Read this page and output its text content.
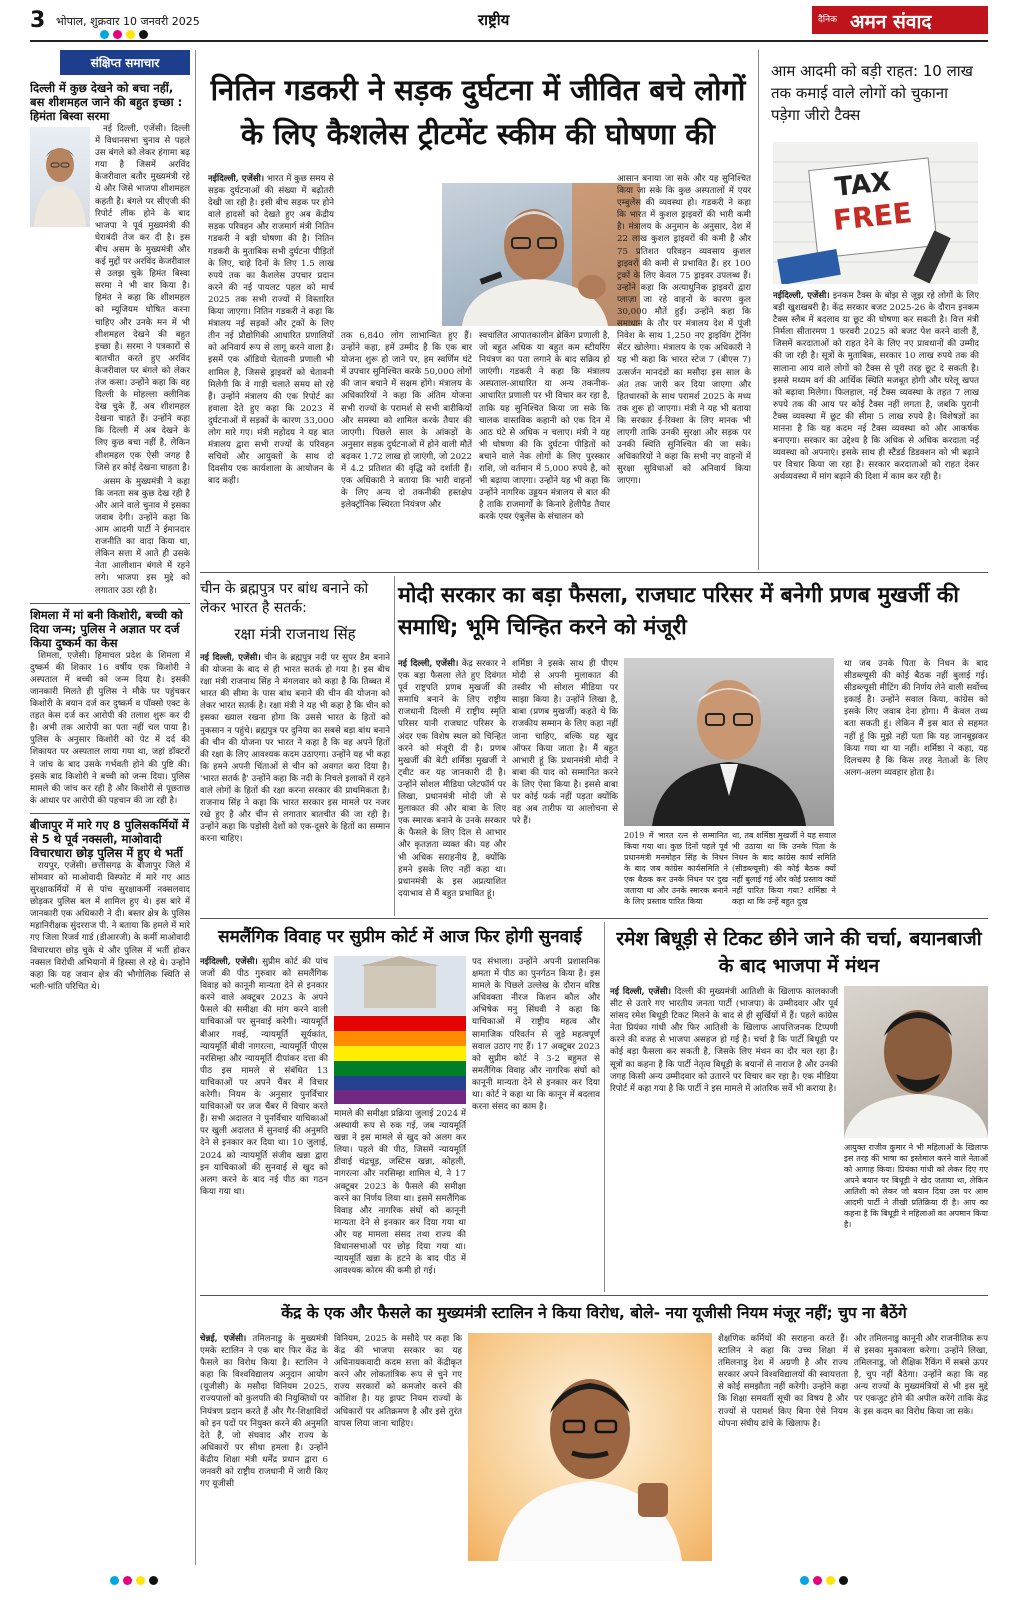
3 भोपाल, शुक्रवार 10 जनवरी 2025	राष्ट्रीय	दैनिक अमन संवाद
संक्षिप्त समाचार
दिल्ली में कुछ देखने को बचा नहीं, बस शीशमहल जाने की बहुत इच्छा : हिमंता बिस्वा सरमा

नई दिल्ली, एजेंसी। दिल्ली में विधानसभा चुनाव से पहले उस बंगले को लेकर हंगामा बढ़ गया है जिसमें अरविंद केजरीवाल बतौर मुख्यमंत्री रहे थे और जिसे भाजपा शीशमहल कहती है। बंगले पर सीएजी की रिपोर्ट लीक होने के बाद भाजपा ने पूर्व मुख्यमंत्री की घेराबंदी तेज कर दी है। इस बीच असम के मुख्यमंत्री और कई मुद्दों पर अरविंद केजरीवाल से उलझ चुके हिमंत बिस्वा सरमा ने भी वार किया है। हिमंत ने कहा कि शीशमहल को म्यूजियम घोषित करना चाहिए और उनके मन में भी शीशमहल देखने की बहुत इच्छा है। सरमा ने पत्रकारों से बातचीत करते हुए अरविंद केजरीवाल पर बंगले को लेकर तंज कसा। उन्होंने कहा कि वह दिल्ली के मोहल्ला क्लीनिक देख चुके हैं, अब शीशमहल देखना चाहते हैं। उन्होंने कहा कि दिल्ली में अब देखने के लिए कुछ बचा नहीं है, लेकिन शीशमहल एक ऐसी जगह है जिसे हर कोई देखना चाहता है।

असम के मुख्यमंत्री ने कहा कि जनता सब कुछ देख रही है और आने वाले चुनाव में इसका जवाब देगी। उन्होंने कहा कि आम आदमी पार्टी ने ईमानदार राजनीति का वादा किया था, लेकिन सत्ता में आते ही उसके नेता आलीशान बंगले में रहने लगे। भाजपा इस मुद्दे को लगातार उठा रही है।

शिमला में मां बनी किशोरी, बच्ची को दिया जन्म; पुलिस ने अज्ञात पर दर्ज किया दुष्कर्म का केस

शिमला, एजेंसी। हिमाचल प्रदेश के शिमला में दुष्कर्म की शिकार 16 वर्षीय एक किशोरी ने अस्पताल में बच्ची को जन्म दिया है। इसकी जानकारी मिलते ही पुलिस ने मौके पर पहुंचकर किशोरी के बयान दर्ज कर दुष्कर्म व पॉक्सो एक्ट के तहत केस दर्ज कर आरोपी की तलाश शुरू कर दी है। अभी तक आरोपी का पता नहीं चल पाया है। पुलिस के अनुसार किशोरी को पेट में दर्द की शिकायत पर अस्पताल लाया गया था, जहां डॉक्टरों ने जांच के बाद उसके गर्भवती होने की पुष्टि की। इसके बाद किशोरी ने बच्ची को जन्म दिया। पुलिस मामले की जांच कर रही है और किशोरी से पूछताछ के आधार पर आरोपी की पहचान की जा रही है।

बीजापुर में मारे गए 8 पुलिसकर्मियों में से 5 थे पूर्व नक्सली, माओवादी विचारधारा छोड़ पुलिस में हुए थे भर्ती

रायपुर, एजेंसी। छत्तीसगढ़ के बीजापुर जिले में सोमवार को माओवादी विस्फोट में मारे गए आठ सुरक्षाकर्मियों में से पांच सुरक्षाकर्मी नक्सलवाद छोड़कर पुलिस बल में शामिल हुए थे। इस बारे में जानकारी एक अधिकारी ने दी। बस्तर क्षेत्र के पुलिस महानिरीक्षक सुंदरराज पी. ने बताया कि हमले में मारे गए जिला रिजर्व गार्ड (डीआरजी) के कर्मी माओवादी विचारधारा छोड़ चुके थे और पुलिस में भर्ती होकर नक्सल विरोधी अभियानों में हिस्सा ले रहे थे। उन्होंने कहा कि यह जवान क्षेत्र की भौगोलिक स्थिति से भली-भांति परिचित थे।

नितिन गडकरी ने सड़क दुर्घटना में जीवित बचे लोगों के लिए कैशलेस ट्रीटमेंट स्कीम की घोषणा की
नईदिल्ली, एजेंसी। भारत में कुछ समय से सड़क दुर्घटनाओं की संख्या में बढ़ोतरी देखी जा रही है। इसी बीच सड़क पर होने वाले हादसों को देखते हुए अब केंद्रीय सड़क परिवहन और राजमार्ग मंत्री नितिन गडकरी ने बड़ी घोषणा की है। नितिन गडकरी के मुताबिक सभी दुर्घटना पीड़ितों के लिए, चाहे दिनों के लिए 1.5 लाख रुपये तक का कैशलेस उपचार प्रदान करने की नई पायलट पहल को मार्च 2025 तक सभी राज्यों में विस्तारित किया जाएगा। नितिन गडकरी ने कहा कि मंत्रालय नई सड़कों और ट्रकों के लिए तीन नई प्रौद्योगिकी आधारित प्रणालियों को अनिवार्य रूप से लागू करने वाला है। इसमें एक ऑडियो चेतावनी प्रणाली भी शामिल है, जिससे ड्राइवरों को चेतावनी मिलेगी कि वे गाड़ी चलाते समय सो रहे हैं। उन्होंने मंत्रालय की एक रिपोर्ट का हवाला देते हुए कहा कि 2023 में दुर्घटनाओं में सड़कों के कारण 33,000 लोग मारे गए। मंत्री महोदय ने यह बात मंत्रालय द्वारा सभी राज्यों के परिवहन सचिवों और आयुक्तों के साथ दो दिवसीय एक कार्यशाला के आयोजन के बाद कही।
तक 6,840 लोग लाभान्वित हुए हैं। उन्होंने कहा, हमें उम्मीद है कि एक बार योजना शुरू हो जाने पर, हम स्वर्णिम घंटे में उपचार सुनिश्चित करके 50,000 लोगों की जान बचाने में सक्षम होंगे। मंत्रालय के अधिकारियों ने कहा कि अंतिम योजना सभी राज्यों के परामर्श से सभी बारीकियों और समस्या को शामिल करके तैयार की जाएगी। पिछले साल के आंकड़ों के अनुसार सड़क दुर्घटनाओं में होने वाली मौतें बढ़कर 1.72 लाख हो जाएंगी, जो 2022 में 4.2 प्रतिशत की वृद्धि को दर्शाती हैं। एक अधिकारी ने बताया कि भारी वाहनों के लिए अन्य दो तकनीकी हस्तक्षेप इलेक्ट्रॉनिक स्थिरता नियंत्रण और
स्वचालित आपातकालीन ब्रेकिंग प्रणाली है, जो बहुत अधिक या बहुत कम स्टीयरिंग नियंत्रण का पता लगाने के बाद सक्रिय हो जाएंगी। गडकरी ने कहा कि मंत्रालय अस्पताल-आधारित या अन्य तकनीक-आधारित प्रणाली पर भी विचार कर रहा है, ताकि यह सुनिश्चित किया जा सके कि चालक वास्तविक कहानी को एक दिन में आठ घंटे से अधिक न चलाए। मंत्री ने यह भी घोषणा की कि दुर्घटना पीड़ितों को बचाने वाले नेक लोगों के लिए पुरस्कार राशि, जो वर्तमान में 5,000 रुपये है, को भी बढ़ाया जाएगा। उन्होंने यह भी कहा कि उन्होंने नागरिक उड्डयन मंत्रालय से बात की है ताकि राजमार्गों के किनारे हेलीपैड तैयार करके एयर एंबुलेंस के संचालन को
आसान बनाया जा सके और यह सुनिश्चित किया जा सके कि कुछ अस्पतालों में एयर एम्बुलेंस की व्यवस्था हो। गडकरी ने कहा कि भारत में कुशल ड्राइवरों की भारी कमी है। मंत्रालय के अनुमान के अनुसार, देश में 22 लाख कुशल ड्राइवरों की कमी है और 75 प्रतिशत परिवहन व्यवसाय कुशल ड्राइवरों की कमी से प्रभावित हैं। हर 100 ट्रकों के लिए केवल 75 ड्राइवर उपलब्ध हैं। उन्होंने कहा कि अत्याधुनिक ड्राइवरों द्वारा प्लाज़ा जा रहे वाहनों के कारण कुल 30,000 मौतें हुईं। उन्होंने कहा कि समाधान के तौर पर मंत्रालय देश में पूंजी निवेश के साथ 1,250 नए ड्राइविंग ट्रेनिंग सेंटर खोलेगा। मंत्रालय के एक अधिकारी ने यह भी कहा कि भारत स्टेज 7 (बीएस 7) उत्सर्जन मानदंडों का मसौदा इस साल के अंत तक जारी कर दिया जाएगा और हितधारकों के साथ परामर्श 2025 के मध्य तक शुरू हो जाएगा। मंत्री ने यह भी बताया कि सरकार ई-रिक्शा के लिए मानक भी लाएगी ताकि उनकी सुरक्षा और सड़क पर उनकी स्थिति सुनिश्चित की जा सके। अधिकारियों ने कहा कि सभी नए वाहनों में सुरक्षा सुविधाओं को अनिवार्य किया जाएगा।
आम आदमी को बड़ी राहत: 10 लाख तक कमाई वाले लोगों को चुकाना पड़ेगा जीरो टैक्स
TAX
FREE
नईदिल्ली, एजेंसी। इनकम टैक्स के बोझ से जूझ रहे लोगों के लिए बड़ी खुशखबरी है। केंद्र सरकार बजट 2025-26 के दौरान इनकम टैक्स स्लैब में बदलाव या छूट की घोषणा कर सकती है। वित्त मंत्री निर्मला सीतारमण 1 फरवरी 2025 को बजट पेश करने वाली हैं, जिसमें करदाताओं को राहत देने के लिए नए प्रावधानों की उम्मीद की जा रही है। सूत्रों के मुताबिक, सरकार 10 लाख रुपये तक की सालाना आय वाले लोगों को टैक्स से पूरी तरह छूट दे सकती है। इससे मध्यम वर्ग की आर्थिक स्थिति मजबूत होगी और घरेलू खपत को बढ़ावा मिलेगा। फिलहाल, नई टैक्स व्यवस्था के तहत 7 लाख रुपये तक की आय पर कोई टैक्स नहीं लगता है, जबकि पुरानी टैक्स व्यवस्था में छूट की सीमा 5 लाख रुपये है। विशेषज्ञों का मानना है कि यह कदम नई टैक्स व्यवस्था को और आकर्षक बनाएगा। सरकार का उद्देश्य है कि अधिक से अधिक करदाता नई व्यवस्था को अपनाएं। इसके साथ ही स्टैंडर्ड डिडक्शन को भी बढ़ाने पर विचार किया जा रहा है। सरकार करदाताओं को राहत देकर अर्थव्यवस्था में मांग बढ़ाने की दिशा में काम कर रही है।
चीन के ब्रह्मपुत्र पर बांध बनाने को लेकर भारत है सतर्क:
रक्षा मंत्री राजनाथ सिंह
नई दिल्ली, एजेंसी। चीन के ब्रह्मपुत्र नदी पर सुपर डैम बनाने की योजना के बाद से ही भारत सतर्क हो गया है। इस बीच रक्षा मंत्री राजनाथ सिंह ने मंगलवार को कहा है कि तिब्बत में भारत की सीमा के पास बांध बनाने की चीन की योजना को लेकर भारत सतर्क है। रक्षा मंत्री ने यह भी कहा है कि चीन को इसका ख्याल रखना होगा कि उससे भारत के हितों को नुकसान न पहुंचे। ब्रह्मपुत्र पर दुनिया का सबसे बड़ा बांध बनाने की चीन की योजना पर भारत ने कहा है कि वह अपने हितों की रक्षा के लिए आवश्यक कदम उठाएगा। उन्होंने यह भी कहा कि हमने अपनी चिंताओं से चीन को अवगत करा दिया है। 'भारत सतर्क है' उन्होंने कहा कि नदी के निचले इलाकों में रहने वाले लोगों के हितों की रक्षा करना सरकार की प्राथमिकता है। राजनाथ सिंह ने कहा कि भारत सरकार इस मामले पर नजर रखे हुए है और चीन से लगातार बातचीत की जा रही है। उन्होंने कहा कि पड़ोसी देशों को एक-दूसरे के हितों का सम्मान करना चाहिए।
मोदी सरकार का बड़ा फैसला, राजघाट परिसर में बनेगी प्रणब मुखर्जी की समाधि; भूमि चिन्हित करने को मंजूरी
नई दिल्ली, एजेंसी। केंद्र सरकार ने एक बड़ा फैसला लेते हुए दिवंगत पूर्व राष्ट्रपति प्रणब मुखर्जी की समाधि बनाने के लिए राष्ट्रीय राजधानी दिल्ली में राष्ट्रीय स्मृति परिसर यानी राजघाट परिसर के अंदर एक विशेष स्थल को चिन्हित करने को मंजूरी दी है। प्रणब मुखर्जी की बेटी शर्मिष्ठा मुखर्जी ने ट्वीट कर यह जानकारी दी है। उन्होंने सोशल मीडिया प्लेटफॉर्म पर लिखा, प्रधानमंत्री मोदी जी से मुलाकात की और बाबा के लिए एक स्मारक बनाने के उनके सरकार के फैसले के लिए दिल से आभार और कृतज्ञता व्यक्त की। यह और भी अधिक सराहनीय है, क्योंकि हमने इसके लिए नहीं कहा था। प्रधानमंत्री के इस अप्रत्याशित दयाभाव से मैं बहुत प्रभावित हूं।
शर्मिष्ठा ने इसके साथ ही पीएम मोदी से अपनी मुलाकात की तस्वीर भी सोशल मीडिया पर साझा किया है। उन्होंने लिखा है, बाबा (प्रणब मुखर्जी) कहते थे कि राजकीय सम्मान के लिए कहा नहीं जाना चाहिए, बल्कि यह खुद ऑफर किया जाता है। मैं बहुत आभारी हूं कि प्रधानमंत्री मोदी ने बाबा की याद को सम्मानित करने के लिए ऐसा किया है। इससे बाबा पर कोई फर्क नहीं पड़ता क्योंकि वह अब तारीफ या आलोचना से परे हैं।
2019 में भारत रत्न से सम्मानित किया गया था। कुछ दिनों पहले पूर्व प्रधानमंत्री मनमोहन सिंह के निधन के बाद जब कांग्रेस कार्यसमिति ने एक बैठक कर उनके निधन पर दुख जताया था और उनके स्मारक बनाने के लिए प्रस्ताव पारित किया
था, तब शर्मिष्ठा मुखर्जी ने यह सवाल भी उठाया था कि उनके पिता के निधन के बाद कांग्रेस कार्य समिति (सीडब्ल्यूसी) की कोई बैठक क्यों नहीं बुलाई गई और कोई प्रस्ताव क्यों नहीं पारित किया गया? शर्मिष्ठा ने कहा था कि उन्हें बहुत दुख
था जब उनके पिता के निधन के बाद सीडब्ल्यूसी की कोई बैठक नहीं बुलाई गई। सीडब्ल्यूसी मीटिंग की निर्णय लेने वाली सर्वोच्च इकाई है। उन्होंने सवाल किया, कांग्रेस को इसके लिए जवाब देना होगा। मैं केवल तथ्य बता सकती हूं। लेकिन मैं इस बात से सहमत नहीं हूं कि मुझे नहीं पता कि यह जानबूझकर किया गया था या नहीं। शर्मिष्ठा ने कहा, यह दिलचस्प है कि किस तरह नेताओं के लिए अलग-अलग व्यवहार होता है।
समलैंगिक विवाह पर सुप्रीम कोर्ट में आज फिर होगी सुनवाई
नईदिल्ली, एजेंसी। सुप्रीम कोर्ट की पांच जजों की पीठ गुरुवार को समलैंगिक विवाह को कानूनी मान्यता देने से इनकार करने वाले अक्टूबर 2023 के अपने फैसले की समीक्षा की मांग करने वाली याचिकाओं पर सुनवाई करेगी। न्यायमूर्ति बीआर गवई, न्यायमूर्ति सूर्यकांत, न्यायमूर्ति बीवी नागरत्ना, न्यायमूर्ति पीएस नरसिम्हा और न्यायमूर्ति दीपांकर दत्ता की पीठ इस मामले से संबंधित 13 याचिकाओं पर अपने चैंबर में विचार करेगी। नियम के अनुसार पुनर्विचार याचिकाओं पर जज चैंबर में विचार करते हैं। सभी अदालत ने पुनर्विचार याचिकाओं पर खुली अदालत में सुनवाई की अनुमति देने से इनकार कर दिया था। 10 जुलाई, 2024 को न्यायमूर्ति संजीव खन्ना द्वारा इन याचिकाओं की सुनवाई से खुद को अलग करने के बाद नई पीठ का गठन किया गया था।
मामले की समीक्षा प्रक्रिया जुलाई 2024 में अस्थायी रूप से रुक गई, जब न्यायमूर्ति खन्ना ने इस मामले से खुद को अलग कर लिया। पहले की पीठ, जिसमें न्यायमूर्ति डीवाई चंद्रचूड़, जस्टिस खन्ना, कोहली, नागरत्ना और नरसिम्हा शामिल थे, ने 17 अक्टूबर 2023 के फैसले की समीक्षा करने का निर्णय लिया था। इसमें समलैंगिक विवाह और नागरिक संघों को कानूनी मान्यता देने से इनकार कर दिया गया था और यह मामला संसद तथा राज्य की विधानसभाओं पर छोड़ दिया गया था। न्यायमूर्ति खन्ना के हटने के बाद पीठ में आवश्यक कोरम की कमी हो गई।
पद संभाला। उन्होंने अपनी प्रशासनिक क्षमता में पीठ का पुनर्गठन किया है। इस मामले के पिछले उल्लेख के दौरान वरिष्ठ अधिवक्ता नीरज किशन कौल और अभिषेक मनु सिंघवी ने कहा कि याचिकाओं में राष्ट्रीय महत्व और सामाजिक परिवर्तन से जुड़े महत्वपूर्ण सवाल उठाए गए हैं। 17 अक्टूबर 2023 को सुप्रीम कोर्ट ने 3-2 बहुमत से समलैंगिक विवाह और नागरिक संघों को कानूनी मान्यता देने से इनकार कर दिया था। कोर्ट ने कहा था कि कानून में बदलाव करना संसद का काम है।
रमेश बिधूड़ी से टिकट छीने जाने की चर्चा, बयानबाजी के बाद भाजपा में मंथन
नई दिल्ली, एजेंसी। दिल्ली की मुख्यमंत्री आतिशी के खिलाफ कालकाजी सीट से उतारे गए भारतीय जनता पार्टी (भाजपा) के उम्मीदवार और पूर्व सांसद रमेश बिधूड़ी टिकट मिलने के बाद से ही सुर्खियों में हैं। पहले कांग्रेस नेता प्रियंका गांधी और फिर आतिशी के खिलाफ आपत्तिजनक टिप्पणी करने की वजह से भाजपा असहज हो गई है। चर्चा है कि पार्टी बिधूड़ी पर कोई बड़ा फैसला कर सकती है, जिसके लिए मंथन का दौर चल रहा है। सूत्रों का कहना है कि पार्टी नेतृत्व बिधूड़ी के बयानों से नाराज है और उनकी जगह किसी अन्य उम्मीदवार को उतारने पर विचार कर रहा है। एक मीडिया रिपोर्ट में कहा गया है कि पार्टी ने इस मामले में आंतरिक सर्वे भी कराया है।
आयुक्त राजीव कुमार ने भी महिलाओं के खिलाफ इस तरह की भाषा का इस्तेमाल करने वाले नेताओं को आगाह किया। प्रियंका गांधी को लेकर दिए गए अपने बयान पर बिधूड़ी ने खेद जताया था, लेकिन आतिशी को लेकर जो बयान दिया उस पर आम आदमी पार्टी ने तीखी प्रतिक्रिया दी है। आप का कहना है कि बिधूड़ी ने महिलाओं का अपमान किया है।
केंद्र के एक और फैसले का मुख्यमंत्री स्टालिन ने किया विरोध, बोले- नया यूजीसी नियम मंजूर नहीं; चुप ना बैठेंगे
चेन्नई, एजेंसी। तमिलनाडु के मुख्यमंत्री एमके स्टालिन ने एक बार फिर केंद्र के फैसले का विरोध किया है। स्टालिन ने कहा कि विश्वविद्यालय अनुदान आयोग (यूजीसी) के मसौदा विनियम 2025, राज्यपालों को कुलपति की नियुक्तियों पर नियंत्रण प्रदान करते हैं और गैर-शिक्षाविदों को इन पदों पर नियुक्त करने की अनुमति देते हैं, जो संघवाद और राज्य के अधिकारों पर सीधा हमला है। उन्होंने केंद्रीय शिक्षा मंत्री धर्मेंद्र प्रधान द्वारा 6 जनवरी को राष्ट्रीय राजधानी में जारी किए गए यूजीसी
विनियम, 2025 के मसौदे पर कहा कि केंद्र की भाजपा सरकार का यह अधिनायकवादी कदम सत्ता को केंद्रीकृत करने और लोकतांत्रिक रूप से चुने गए राज्य सरकारों को कमजोर करने की कोशिश है। यह ड्राफ्ट नियम राज्यों के अधिकारों पर अतिक्रमण है और इसे तुरंत वापस लिया जाना चाहिए।
शैक्षणिक कर्मियों की सराहना करते हैं। स्टालिन ने कहा कि उच्च शिक्षा में तमिलनाडु देश में अग्रणी है और राज्य सरकार अपने विश्वविद्यालयों की स्वायत्तता से कोई समझौता नहीं करेगी। उन्होंने कहा कि शिक्षा समवर्ती सूची का विषय है और राज्यों से परामर्श किए बिना ऐसे नियम थोपना संघीय ढांचे के खिलाफ है।
और तमिलनाडु कानूनी और राजनीतिक रूप से इसका मुकाबला करेगा। उन्होंने लिखा, तमिलनाडु, जो शैक्षिक रैंकिंग में सबसे ऊपर है, चुप नहीं बैठेगा। उन्होंने कहा कि वह अन्य राज्यों के मुख्यमंत्रियों से भी इस मुद्दे पर एकजुट होने की अपील करेंगे ताकि केंद्र के इस कदम का विरोध किया जा सके।
